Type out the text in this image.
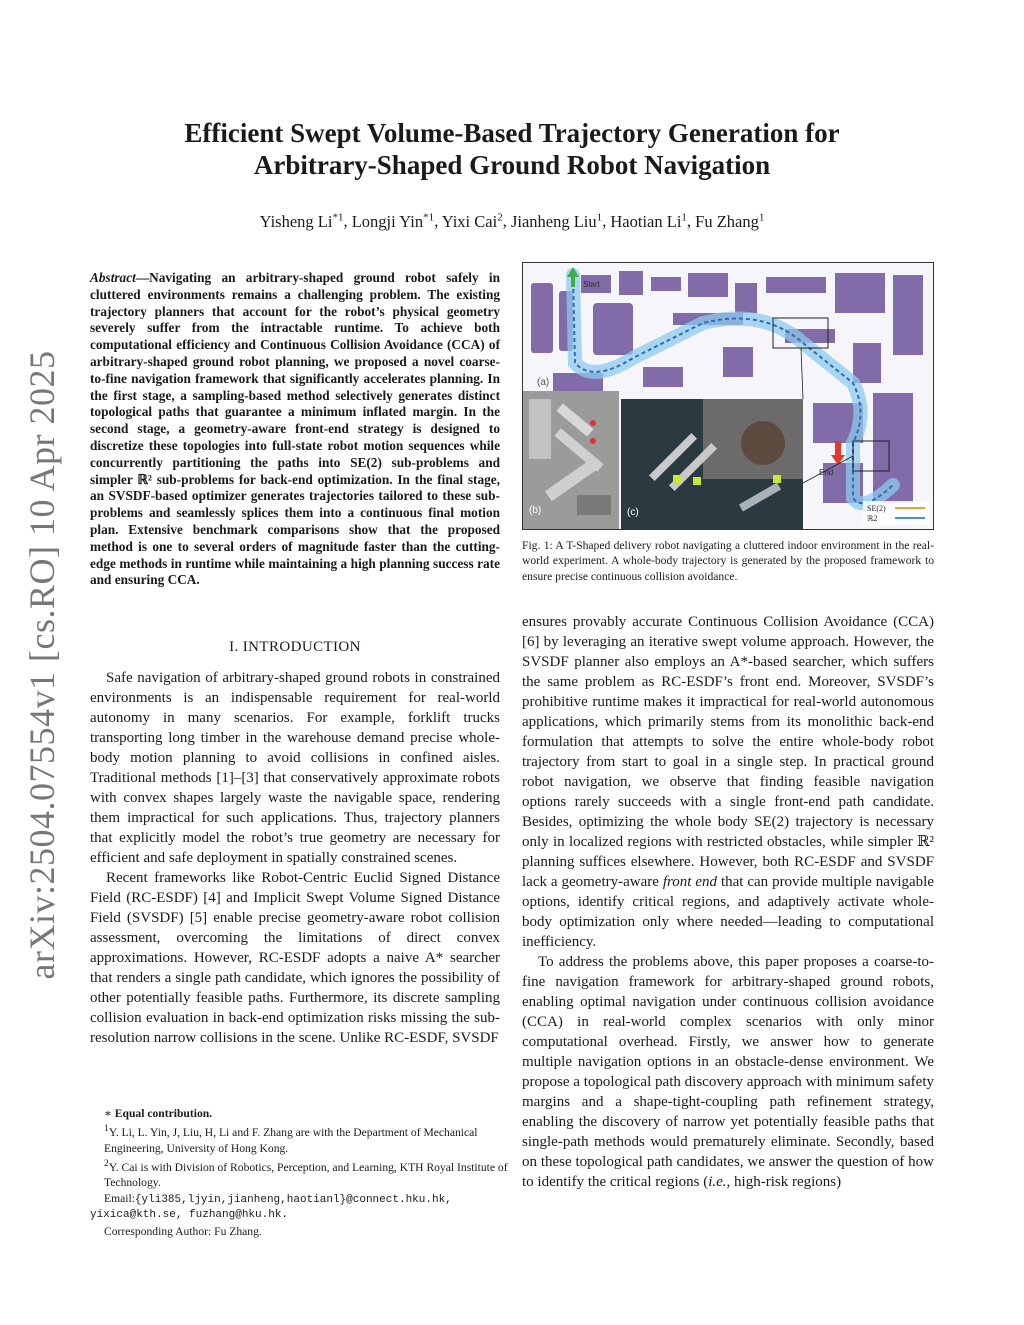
arXiv:2504.07554v1 [cs.RO] 10 Apr 2025
Efficient Swept Volume-Based Trajectory Generation for
Arbitrary-Shaped Ground Robot Navigation
Yisheng Li$^{*1}$, Longji Yin$^{*1}$, Yixi Cai$^2$, Jianheng Liu$^1$, Haotian Li$^1$, Fu Zhang$^1$
Abstract—Navigating an arbitrary-shaped ground robot safely in cluttered environments remains a challenging problem. The existing trajectory planners that account for the robot’s physical geometry severely suffer from the intractable runtime. To achieve both computational efficiency and Continuous Collision Avoidance (CCA) of arbitrary-shaped ground robot planning, we proposed a novel coarse-to-fine navigation framework that significantly accelerates planning. In the first stage, a sampling-based method selectively generates distinct topological paths that guarantee a minimum inflated margin. In the second stage, a geometry-aware front-end strategy is designed to discretize these topologies into full-state robot motion sequences while concurrently partitioning the paths into SE(2) sub-problems and simpler ℝ² sub-problems for back-end optimization. In the final stage, an SVSDF-based optimizer generates trajectories tailored to these sub-problems and seamlessly splices them into a continuous final motion plan. Extensive benchmark comparisons show that the proposed method is one to several orders of magnitude faster than the cutting-edge methods in runtime while maintaining a high planning success rate and ensuring CCA.
I. INTRODUCTION

Safe navigation of arbitrary-shaped ground robots in constrained environments is an indispensable requirement for real-world autonomy in many scenarios. For example, forklift trucks transporting long timber in the warehouse demand precise whole-body motion planning to avoid collisions in confined aisles. Traditional methods [1]–[3] that conservatively approximate robots with convex shapes largely waste the navigable space, rendering them impractical for such applications. Thus, trajectory planners that explicitly model the robot’s true geometry are necessary for efficient and safe deployment in spatially constrained scenes.

Recent frameworks like Robot-Centric Euclid Signed Distance Field (RC-ESDF) [4] and Implicit Swept Volume Signed Distance Field (SVSDF) [5] enable precise geometry-aware robot collision assessment, overcoming the limitations of direct convex approximations. However, RC-ESDF adopts a naive A* searcher that renders a single path candidate, which ignores the possibility of other potentially feasible paths. Furthermore, its discrete sampling collision evaluation in back-end optimization risks missing the sub-resolution narrow collisions in the scene. Unlike RC-ESDF, SVSDF

∗ Equal contribution.
$^1$Y. Li, L. Yin, J, Liu, H, Li and F. Zhang are with the Department of Mechanical Engineering, University of Hong Kong.
$^2$Y. Cai is with Division of Robotics, Perception, and Learning, KTH Royal Institute of Technology.
Email:{yli385,ljyin,jianheng,haotianl}@connect.hku.hk,
yixica@kth.se, fuzhang@hku.hk.
Corresponding Author: Fu Zhang.
Start
End
(a)
(b)	(c)	SE(2)
ℝ2
Fig. 1: A T-Shaped delivery robot navigating a cluttered indoor environment in the real-world experiment. A whole-body trajectory is generated by the proposed framework to ensure precise continuous collision avoidance.

ensures provably accurate Continuous Collision Avoidance (CCA) [6] by leveraging an iterative swept volume approach. However, the SVSDF planner also employs an A*-based searcher, which suffers the same problem as RC-ESDF’s front end. Moreover, SVSDF’s prohibitive runtime makes it impractical for real-world autonomous applications, which primarily stems from its monolithic back-end formulation that attempts to solve the entire whole-body robot trajectory from start to goal in a single step. In practical ground robot navigation, we observe that finding feasible navigation options rarely succeeds with a single front-end path candidate. Besides, optimizing the whole body SE(2) trajectory is necessary only in localized regions with restricted obstacles, while simpler ℝ² planning suffices elsewhere. However, both RC-ESDF and SVSDF lack a geometry-aware front end that can provide multiple navigable options, identify critical regions, and adaptively activate whole-body optimization only where needed—leading to computational inefficiency.

To address the problems above, this paper proposes a coarse-to-fine navigation framework for arbitrary-shaped ground robots, enabling optimal navigation under continuous collision avoidance (CCA) in real-world complex scenarios with only minor computational overhead. Firstly, we answer how to generate multiple navigation options in an obstacle-dense environment. We propose a topological path discovery approach with minimum safety margins and a shape-tight-coupling path refinement strategy, enabling the discovery of narrow yet potentially feasible paths that single-path methods would prematurely eliminate. Secondly, based on these topological path candidates, we answer the question of how to identify the critical regions (i.e., high-risk regions)
